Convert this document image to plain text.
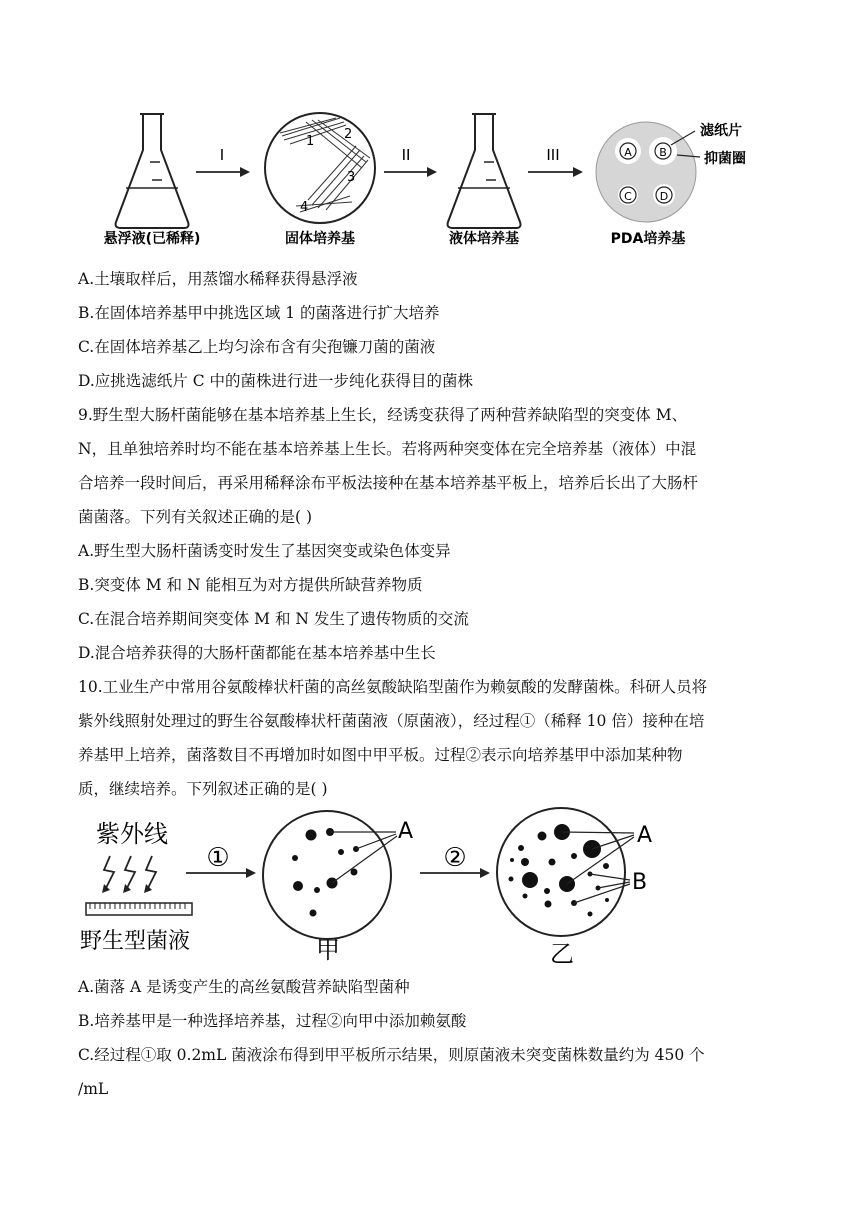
悬浮液(已稀释)
I
1 2
3
4
固体培养基
II
液体培养基
III	A B
C	D
滤纸片
抑菌圈
PDA培养基
A.土壤取样后，用蒸馏水稀释获得悬浮液
B.在固体培养基甲中挑选区域 1 的菌落进行扩大培养
C.在固体培养基乙上均匀涂布含有尖孢镰刀菌的菌液
D.应挑选滤纸片 C 中的菌株进行进一步纯化获得目的菌株
9.野生型大肠杆菌能够在基本培养基上生长，经诱变获得了两种营养缺陷型的突变体 M、
N，且单独培养时均不能在基本培养基上生长。若将两种突变体在完全培养基（液体）中混
合培养一段时间后，再采用稀释涂布平板法接种在基本培养基平板上，培养后长出了大肠杆
菌菌落。下列有关叙述正确的是( )
A.野生型大肠杆菌诱变时发生了基因突变或染色体变异
B.突变体 M 和 N 能相互为对方提供所缺营养物质
C.在混合培养期间突变体 M 和 N 发生了遗传物质的交流
D.混合培养获得的大肠杆菌都能在基本培养基中生长
10.工业生产中常用谷氨酸棒状杆菌的高丝氨酸缺陷型菌作为赖氨酸的发酵菌株。科研人员将
紫外线照射处理过的野生谷氨酸棒状杆菌菌液（原菌液），经过程①（稀释 10 倍）接种在培
养基甲上培养，菌落数目不再增加时如图中甲平板。过程②表示向培养基甲中添加某种物
质，继续培养。下列叙述正确的是( )
紫外线
野生型菌液
①
A
甲
②
A
B
乙
A.菌落 A 是诱变产生的高丝氨酸营养缺陷型菌种
B.培养基甲是一种选择培养基，过程②向甲中添加赖氨酸
C.经过程①取 0.2mL 菌液涂布得到甲平板所示结果，则原菌液未突变菌株数量约为 450 个
/mL
